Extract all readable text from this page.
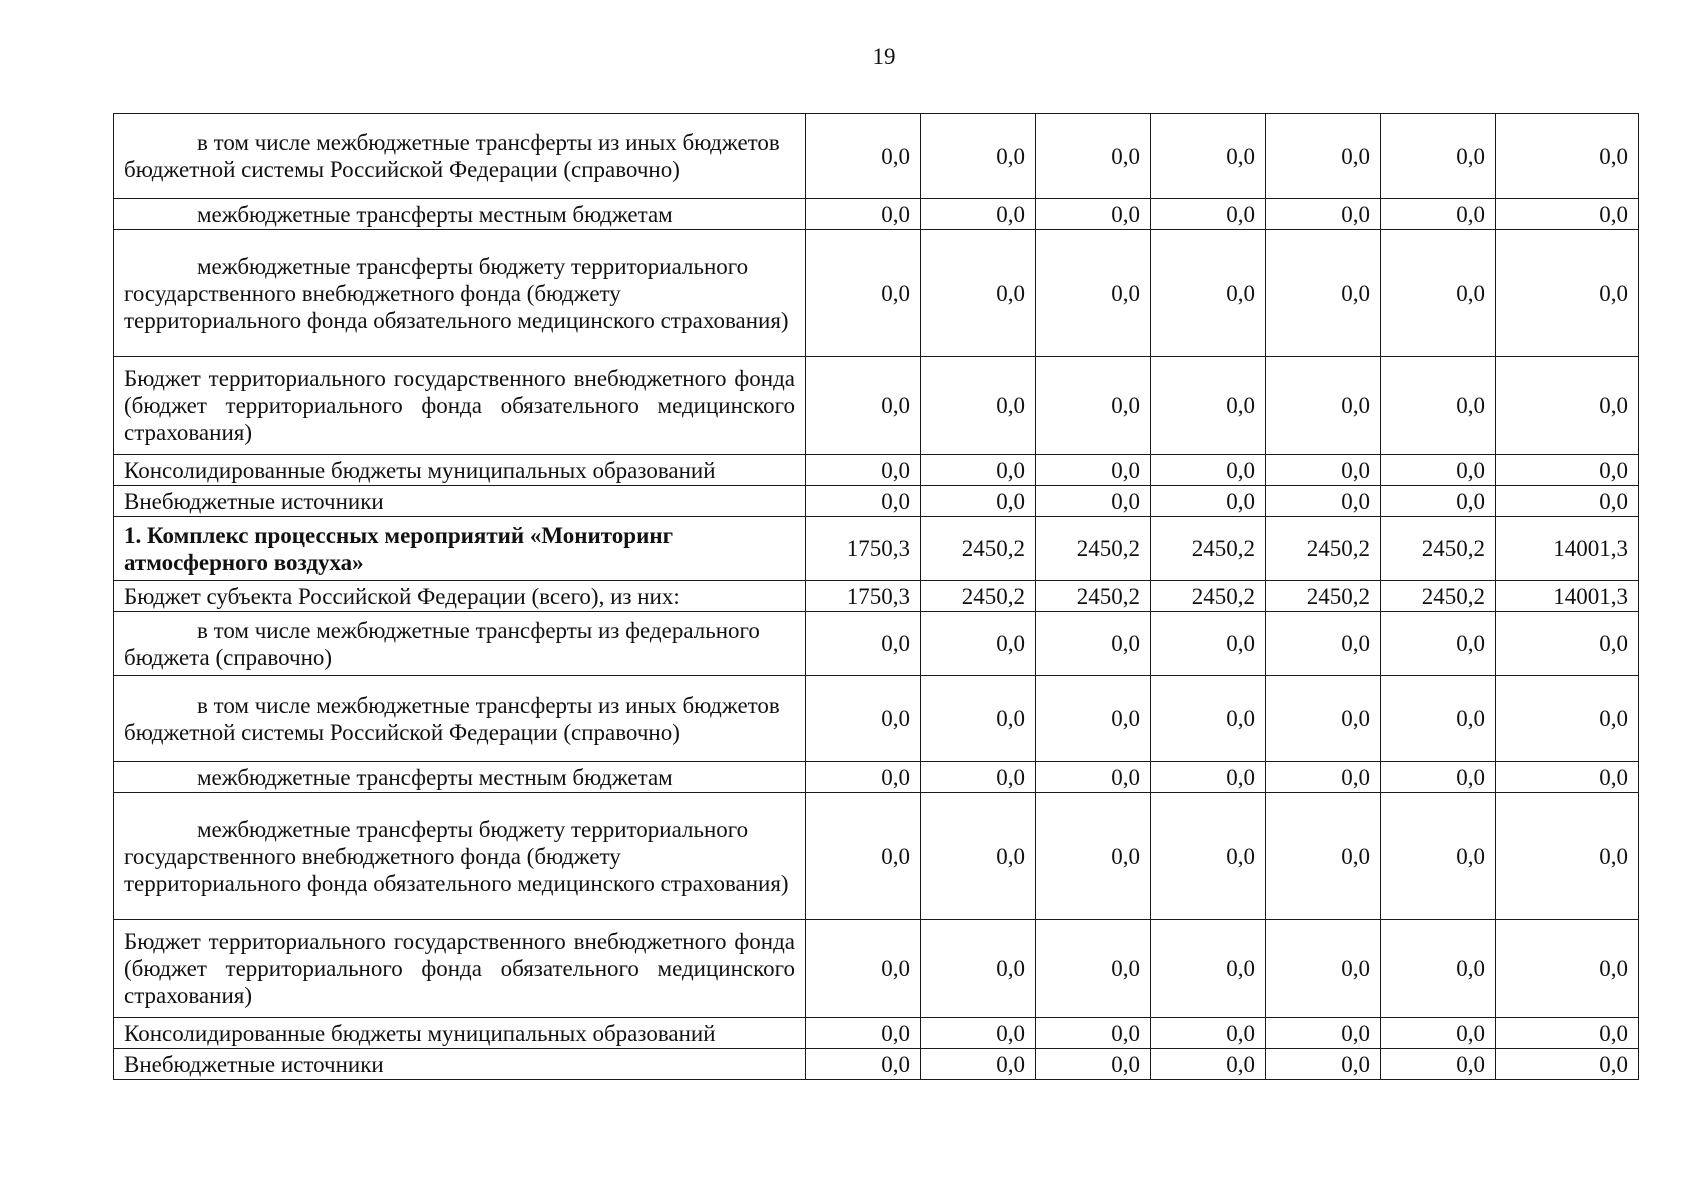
19
в том числе межбюджетные трансферты из иных бюджетов бюджетной системы Российской Федерации (справочно)	0,0	0,0	0,0	0,0	0,0	0,0	0,0
межбюджетные трансферты местным бюджетам	0,0	0,0	0,0	0,0	0,0	0,0	0,0
межбюджетные трансферты бюджету территориального государственного внебюджетного фонда (бюджету территориального фонда обязательного медицинского страхования)	0,0	0,0	0,0	0,0	0,0	0,0	0,0
Бюджет территориального государственного внебюджетного фонда (бюджет территориального фонда обязательного медицинского страхования)	0,0	0,0	0,0	0,0	0,0	0,0	0,0
Консолидированные бюджеты муниципальных образований	0,0	0,0	0,0	0,0	0,0	0,0	0,0
Внебюджетные источники	0,0	0,0	0,0	0,0	0,0	0,0	0,0
1. Комплекс процессных мероприятий «Мониторинг атмосферного воздуха»	1750,3	2450,2	2450,2	2450,2	2450,2	2450,2	14001,3
Бюджет субъекта Российской Федерации (всего), из них:	1750,3	2450,2	2450,2	2450,2	2450,2	2450,2	14001,3
в том числе межбюджетные трансферты из федерального бюджета (справочно)	0,0	0,0	0,0	0,0	0,0	0,0	0,0
в том числе межбюджетные трансферты из иных бюджетов бюджетной системы Российской Федерации (справочно)	0,0	0,0	0,0	0,0	0,0	0,0	0,0
межбюджетные трансферты местным бюджетам	0,0	0,0	0,0	0,0	0,0	0,0	0,0
межбюджетные трансферты бюджету территориального государственного внебюджетного фонда (бюджету территориального фонда обязательного медицинского страхования)	0,0	0,0	0,0	0,0	0,0	0,0	0,0
Бюджет территориального государственного внебюджетного фонда (бюджет территориального фонда обязательного медицинского страхования)	0,0	0,0	0,0	0,0	0,0	0,0	0,0
Консолидированные бюджеты муниципальных образований	0,0	0,0	0,0	0,0	0,0	0,0	0,0
Внебюджетные источники	0,0	0,0	0,0	0,0	0,0	0,0	0,0
